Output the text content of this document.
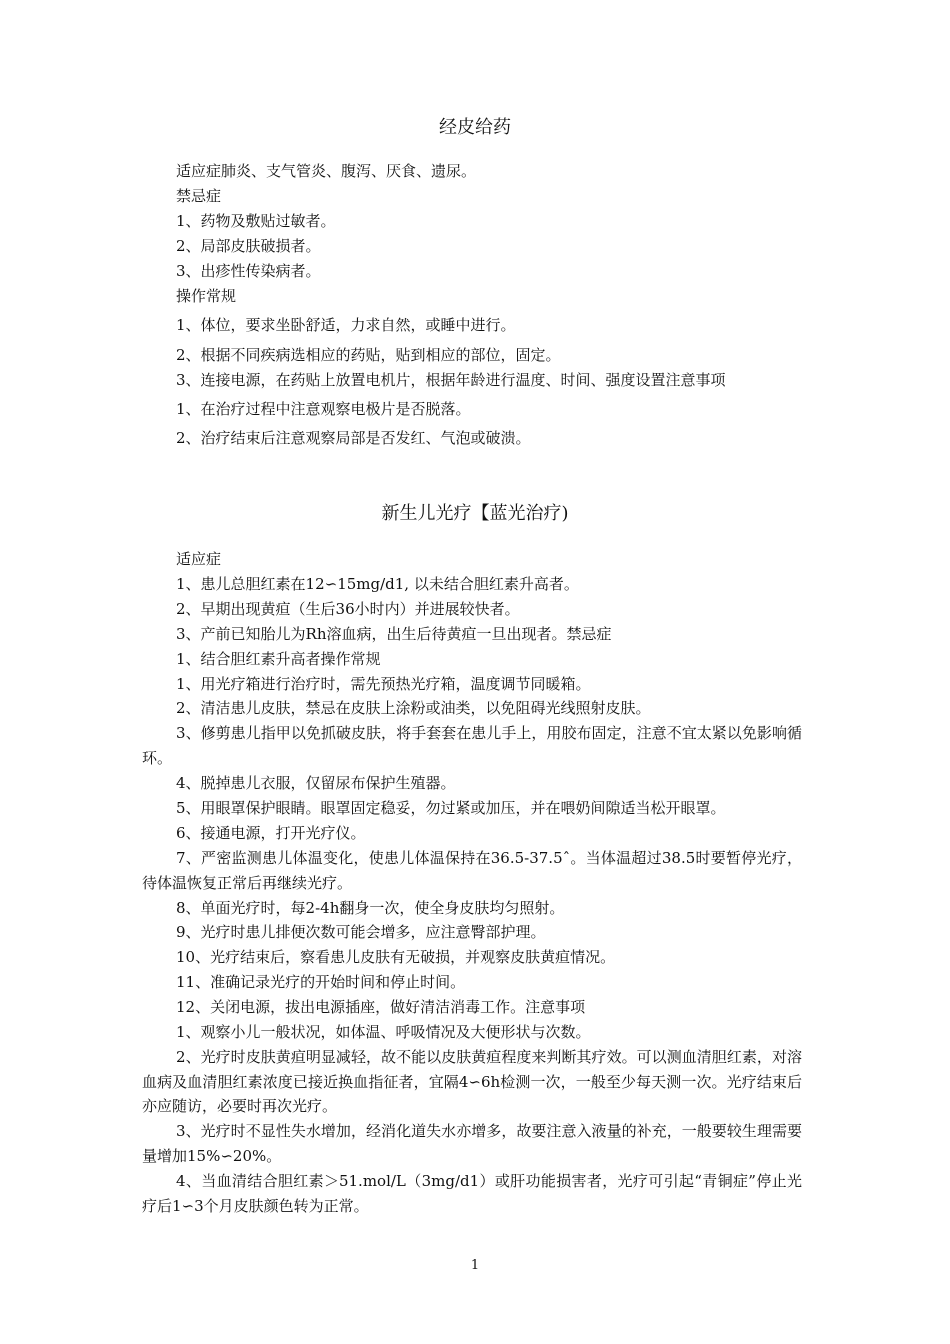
经皮给药
适应症肺炎、支气管炎、腹泻、厌食、遗尿。
禁忌症
1、药物及敷贴过敏者。
2、局部皮肤破损者。
3、出疹性传染病者。
操作常规
1、体位，要求坐卧舒适，力求自然，或睡中进行。
2、根据不同疾病选相应的药贴，贴到相应的部位，固定。
3、连接电源，在药贴上放置电机片，根据年龄进行温度、时间、强度设置注意事项
1、在治疗过程中注意观察电极片是否脱落。
2、治疗结束后注意观察局部是否发红、气泡或破溃。
新生儿光疗【蓝光治疗)
适应症
1、患儿总胆红素在12∽15mg/d1, 以未结合胆红素升高者。
2、早期出现黄疸（生后36小时内）并进展较快者。
3、产前已知胎儿为Rh溶血病，出生后待黄疸一旦出现者。禁忌症
1、结合胆红素升高者操作常规
1、用光疗箱进行治疗时，需先预热光疗箱，温度调节同暖箱。
2、清洁患儿皮肤，禁忌在皮肤上涂粉或油类，以免阻碍光线照射皮肤。
3、修剪患儿指甲以免抓破皮肤，将手套套在患儿手上，用胶布固定，注意不宜太紧以免影响循环。
4、脱掉患儿衣服，仅留尿布保护生殖器。
5、用眼罩保护眼睛。眼罩固定稳妥，勿过紧或加压，并在喂奶间隙适当松开眼罩。
6、接通电源，打开光疗仪。
7、严密监测患儿体温变化，使患儿体温保持在36.5-37.5ˆ。当体温超过38.5时要暂停光疗，待体温恢复正常后再继续光疗。
8、单面光疗时，每2-4h翻身一次，使全身皮肤均匀照射。
9、光疗时患儿排便次数可能会增多，应注意臀部护理。
10、光疗结束后，察看患儿皮肤有无破损，并观察皮肤黄疸情况。
11、准确记录光疗的开始时间和停止时间。
12、关闭电源，拔出电源插座，做好清洁消毒工作。注意事项
1、观察小儿一般状况，如体温、呼吸情况及大便形状与次数。
2、光疗时皮肤黄疸明显减轻，故不能以皮肤黄疸程度来判断其疗效。可以测血清胆红素，对溶血病及血清胆红素浓度已接近换血指征者，宜隔4∽6h检测一次，一般至少每天测一次。光疗结束后亦应随访，必要时再次光疗。
3、光疗时不显性失水增加，经消化道失水亦增多，故要注意入液量的补充，一般要较生理需要量增加15%∽20%。
4、当血清结合胆红素＞51.mol/L（3mg/d1）或肝功能损害者，光疗可引起“青铜症”停止光疗后1∽3个月皮肤颜色转为正常。
1
